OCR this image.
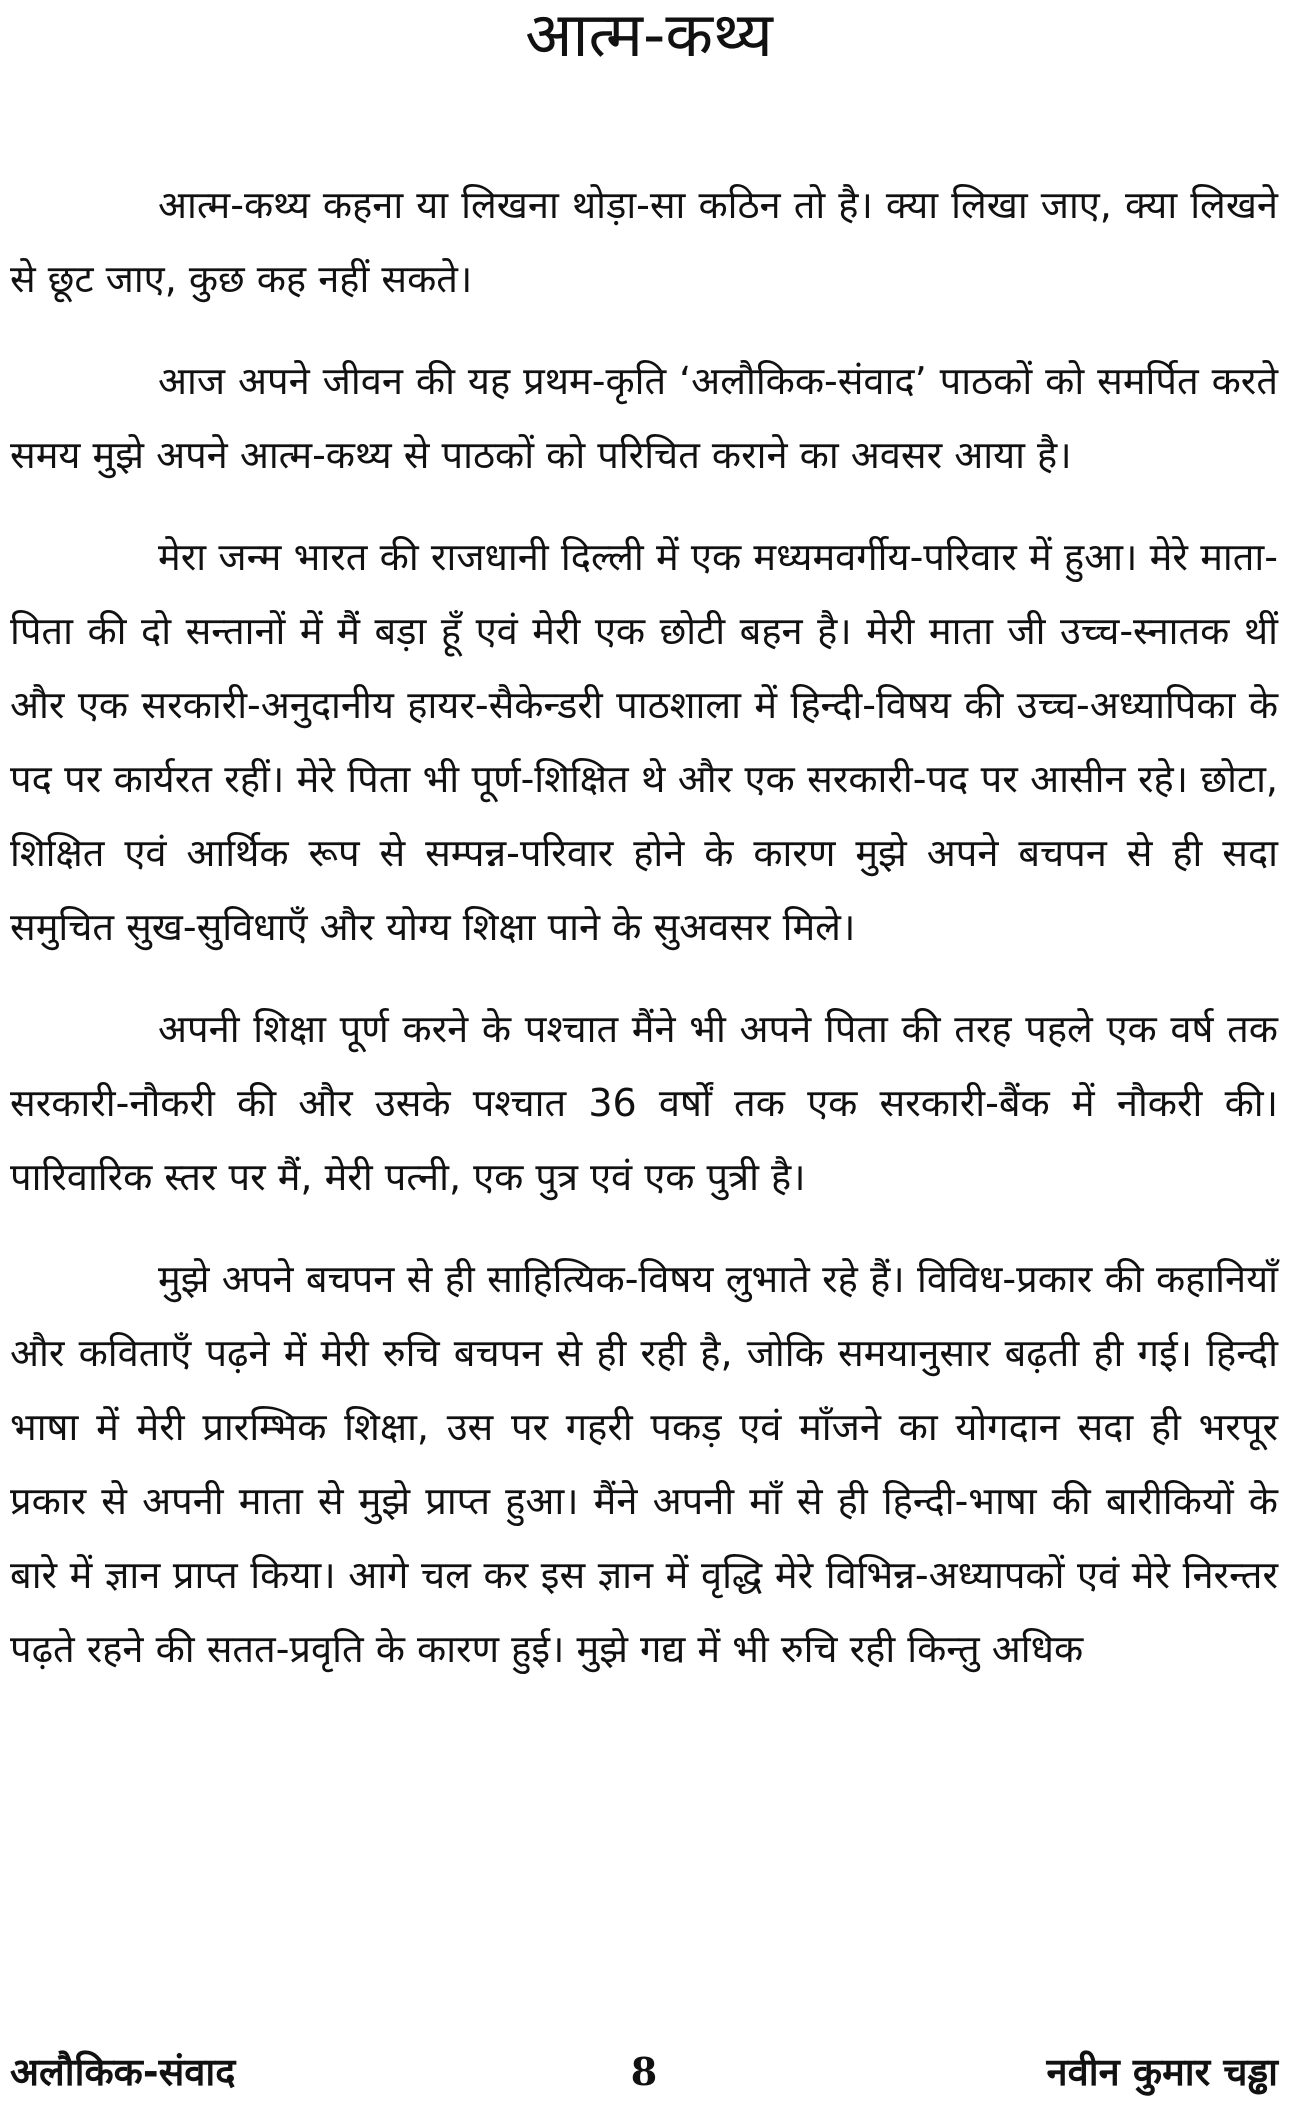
आत्म-कथ्य

आत्म-कथ्य कहना या लिखना थोड़ा-सा कठिन तो है। क्या लिखा जाए, क्या लिखने से छूट जाए, कुछ कह नहीं सकते।

आज अपने जीवन की यह प्रथम-कृति ‘अलौकिक-संवाद’ पाठकों को समर्पित करते समय मुझे अपने आत्म-कथ्य से पाठकों को परिचित कराने का अवसर आया है।

मेरा जन्म भारत की राजधानी दिल्ली में एक मध्यमवर्गीय-परिवार में हुआ। मेरे माता-पिता की दो सन्तानों में मैं बड़ा हूँ एवं मेरी एक छोटी बहन है। मेरी माता जी उच्च-स्नातक थीं और एक सरकारी-अनुदानीय हायर-सैकेन्डरी पाठशाला में हिन्दी-विषय की उच्च-अध्यापिका के पद पर कार्यरत रहीं। मेरे पिता भी पूर्ण-शिक्षित थे और एक सरकारी-पद पर आसीन रहे। छोटा, शिक्षित एवं आर्थिक रूप से सम्पन्न-परिवार होने के कारण मुझे अपने बचपन से ही सदा समुचित सुख-सुविधाएँ और योग्य शिक्षा पाने के सुअवसर मिले।

अपनी शिक्षा पूर्ण करने के पश्चात मैंने भी अपने पिता की तरह पहले एक वर्ष तक सरकारी-नौकरी की और उसके पश्चात 36 वर्षों तक एक सरकारी-बैंक में नौकरी की। पारिवारिक स्तर पर मैं, मेरी पत्नी, एक पुत्र एवं एक पुत्री है।

मुझे अपने बचपन से ही साहित्यिक-विषय लुभाते रहे हैं। विविध-प्रकार की कहानियाँ और कविताएँ पढ़ने में मेरी रुचि बचपन से ही रही है, जोकि समयानुसार बढ़ती ही गई। हिन्दी भाषा में मेरी प्रारम्भिक शिक्षा, उस पर गहरी पकड़ एवं माँजने का योगदान सदा ही भरपूर प्रकार से अपनी माता से मुझे प्राप्त हुआ। मैंने अपनी माँ से ही हिन्दी-भाषा की बारीकियों के बारे में ज्ञान प्राप्त किया। आगे चल कर इस ज्ञान में वृद्धि मेरे विभिन्न-अध्यापकों एवं मेरे निरन्तर पढ़ते रहने की सतत-प्रवृति के कारण हुई। मुझे गद्य में भी रुचि रही किन्तु अधिक

अलौकिक-संवाद	8	नवीन कुमार चड्ढा
